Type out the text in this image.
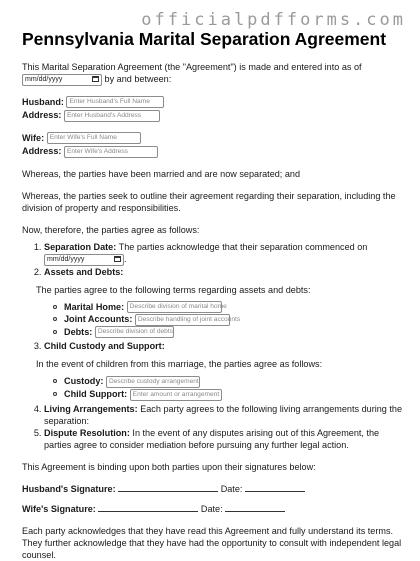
officialpdfforms.com
Pennsylvania Marital Separation Agreement

This Marital Separation Agreement (the "Agreement") is made and entered into as of mm/dd/yyyy	by and between:

Husband: Enter Husband's Full Name
Address: Enter Husband's Address
Wife: Enter Wife's Full Name
Address: Enter Wife's Address

Whereas, the parties have been married and are now separated; and

Whereas, the parties seek to outline their agreement regarding their separation, including the division of property and responsibilities.

Now, therefore, the parties agree as follows:

1. Separation Date: The parties acknowledge that their separation commenced on mm/dd/yyyy	.
2. Assets and Debts:

The parties agree to the following terms regarding assets and debts:

Marital Home: Describe division of marital home
Joint Accounts: Describe handling of joint accounts
Debts: Describe division of debts
3. Child Custody and Support:

In the event of children from this marriage, the parties agree as follows:

Custody: Describe custody arrangement
Child Support: Enter amount or arrangement
4. Living Arrangements: Each party agrees to the following living arrangements during the separation:
5. Dispute Resolution: In the event of any disputes arising out of this Agreement, the parties agree to consider mediation before pursuing any further legal action.

This Agreement is binding upon both parties upon their signatures below:

Husband's Signature:	Date:

Wife's Signature:	Date:

Each party acknowledges that they have read this Agreement and fully understand its terms. They further acknowledge that they have had the opportunity to consult with independent legal counsel.
